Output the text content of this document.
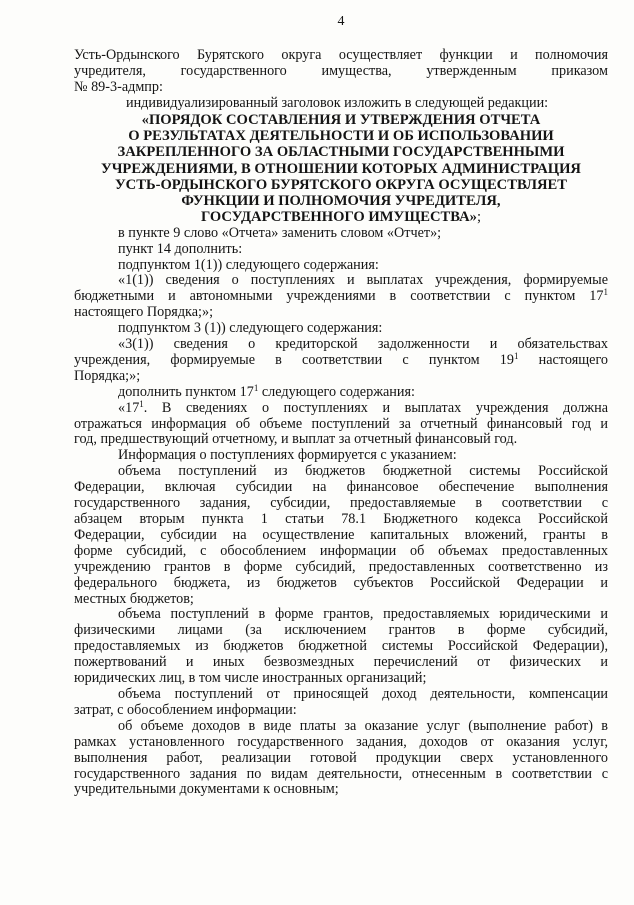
4
Усть-Ордынского Бурятского округа осуществляет функции и полномочия
учредителя, государственного имущества, утвержденным приказом
№ 89-3-адмпр:
индивидуализированный заголовок изложить в следующей редакции:
«ПОРЯДОК СОСТАВЛЕНИЯ И УТВЕРЖДЕНИЯ ОТЧЕТА
О РЕЗУЛЬТАТАХ ДЕЯТЕЛЬНОСТИ И ОБ ИСПОЛЬЗОВАНИИ
ЗАКРЕПЛЕННОГО ЗА ОБЛАСТНЫМИ ГОСУДАРСТВЕННЫМИ
УЧРЕЖДЕНИЯМИ, В ОТНОШЕНИИ КОТОРЫХ АДМИНИСТРАЦИЯ
УСТЬ-ОРДЫНСКОГО БУРЯТСКОГО ОКРУГА ОСУЩЕСТВЛЯЕТ
ФУНКЦИИ И ПОЛНОМОЧИЯ УЧРЕДИТЕЛЯ,
ГОСУДАРСТВЕННОГО ИМУЩЕСТВА»;
в пункте 9 слово «Отчета» заменить словом «Отчет»;
пункт 14 дополнить:
подпунктом 1(1)) следующего содержания:
«1(1)) сведения о поступлениях и выплатах учреждения, формируемые
бюджетными и автономными учреждениями в соответствии с пунктом $17^1$
настоящего Порядка;»;
подпунктом 3 (1)) следующего содержания:
«3(1)) сведения о кредиторской задолженности и обязательствах
учреждения, формируемые в соответствии с пунктом $19^1$ настоящего
Порядка;»;
дополнить пунктом $17^1$ следующего содержания:
«$17^1$. В сведениях о поступлениях и выплатах учреждения должна
отражаться информация об объеме поступлений за отчетный финансовый год и
год, предшествующий отчетному, и выплат за отчетный финансовый год.
Информация о поступлениях формируется с указанием:
объема поступлений из бюджетов бюджетной системы Российской
Федерации, включая субсидии на финансовое обеспечение выполнения
государственного задания, субсидии, предоставляемые в соответствии с
абзацем вторым пункта 1 статьи 78.1 Бюджетного кодекса Российской
Федерации, субсидии на осуществление капитальных вложений, гранты в
форме субсидий, с обособлением информации об объемах предоставленных
учреждению грантов в форме субсидий, предоставленных соответственно из
федерального бюджета, из бюджетов субъектов Российской Федерации и
местных бюджетов;
объема поступлений в форме грантов, предоставляемых юридическими и
физическими лицами (за исключением грантов в форме субсидий,
предоставляемых из бюджетов бюджетной системы Российской Федерации),
пожертвований и иных безвозмездных перечислений от физических и
юридических лиц, в том числе иностранных организаций;
объема поступлений от приносящей доход деятельности, компенсации
затрат, с обособлением информации:
об объеме доходов в виде платы за оказание услуг (выполнение работ) в
рамках установленного государственного задания, доходов от оказания услуг,
выполнения работ, реализации готовой продукции сверх установленного
государственного задания по видам деятельности, отнесенным в соответствии с
учредительными документами к основным;
